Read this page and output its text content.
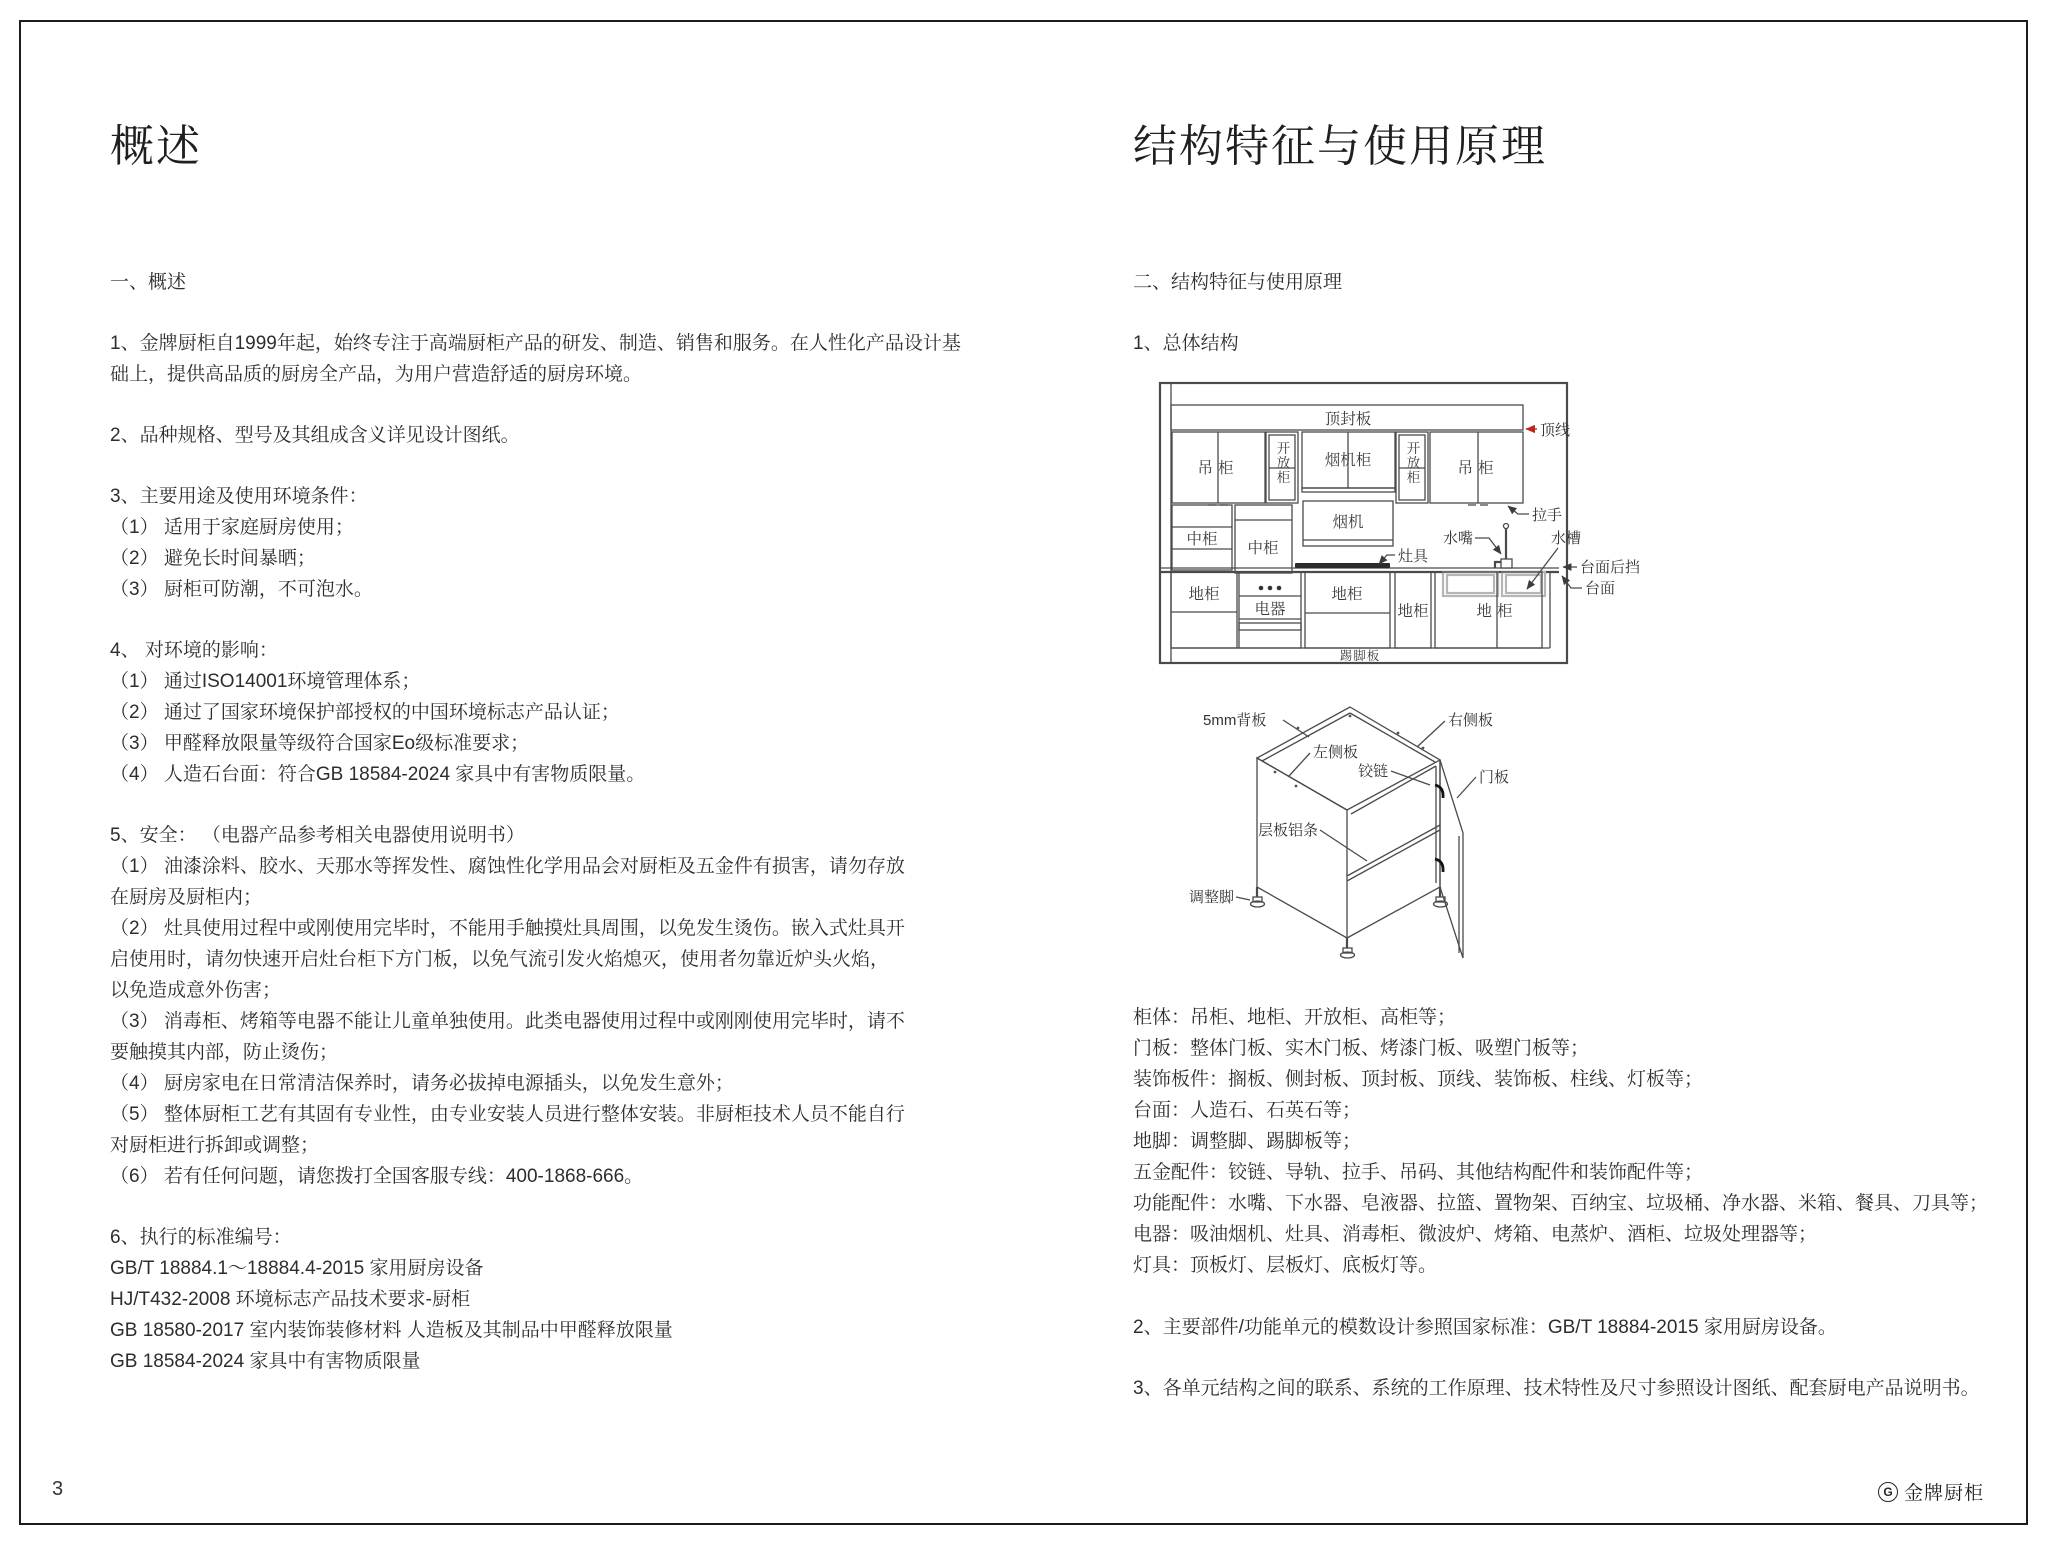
概述
一、概述
1、金牌厨柜自1999年起，始终专注于高端厨柜产品的研发、制造、销售和服务。在人性化产品设计基
础上，提供高品质的厨房全产品，为用户营造舒适的厨房环境。
2、品种规格、型号及其组成含义详见设计图纸。
3、主要用途及使用环境条件：
（1） 适用于家庭厨房使用；
（2） 避免长时间暴晒；
（3） 厨柜可防潮，不可泡水。
4、 对环境的影响：
（1） 通过ISO14001环境管理体系；
（2） 通过了国家环境保护部授权的中国环境标志产品认证；
（3） 甲醛释放限量等级符合国家Eo级标准要求；
（4） 人造石台面：符合GB 18584-2024 家具中有害物质限量。
5、安全： （电器产品参考相关电器使用说明书）
（1） 油漆涂料、胶水、天那水等挥发性、腐蚀性化学用品会对厨柜及五金件有损害，请勿存放
在厨房及厨柜内；
（2） 灶具使用过程中或刚使用完毕时，不能用手触摸灶具周围，以免发生烫伤。嵌入式灶具开
启使用时，请勿快速开启灶台柜下方门板，以免气流引发火焰熄灭，使用者勿靠近炉头火焰，
以免造成意外伤害；
（3） 消毒柜、烤箱等电器不能让儿童单独使用。此类电器使用过程中或刚刚使用完毕时，请不
要触摸其内部，防止烫伤；
（4） 厨房家电在日常清洁保养时，请务必拔掉电源插头，以免发生意外；
（5） 整体厨柜工艺有其固有专业性，由专业安装人员进行整体安装。非厨柜技术人员不能自行
对厨柜进行拆卸或调整；
（6） 若有任何问题，请您拨打全国客服专线：400-1868-666。
6、执行的标准编号：
GB/T 18884.1～18884.4-2015 家用厨房设备
HJ/T432-2008 环境标志产品技术要求-厨柜
GB 18580-2017 室内装饰装修材料 人造板及其制品中甲醛释放限量
GB 18584-2024 家具中有害物质限量
结构特征与使用原理
二、结构特征与使用原理
1、总体结构
顶封板
吊柜	开放柜 烟机柜 开放柜 吊柜
中柜
中柜
烟机
地柜
电器
地柜
地柜	地柜
踢脚板
顶线
拉手
灶具
水嘴	水槽
台面后挡
台面
5mm背板	右侧板
左侧板
铰链	门板
层板铝条
调整脚
柜体：吊柜、地柜、开放柜、高柜等；
门板：整体门板、实木门板、烤漆门板、吸塑门板等；
装饰板件：搁板、侧封板、顶封板、顶线、装饰板、柱线、灯板等；
台面：人造石、石英石等；
地脚：调整脚、踢脚板等；
五金配件：铰链、导轨、拉手、吊码、其他结构配件和装饰配件等；
功能配件：水嘴、下水器、皂液器、拉篮、置物架、百纳宝、垃圾桶、净水器、米箱、餐具、刀具等；
电器：吸油烟机、灶具、消毒柜、微波炉、烤箱、电蒸炉、酒柜、垃圾处理器等；
灯具：顶板灯、层板灯、底板灯等。
2、主要部件/功能单元的模数设计参照国家标准：GB/T 18884-2015 家用厨房设备。
3、各单元结构之间的联系、系统的工作原理、技术特性及尺寸参照设计图纸、配套厨电产品说明书。
3	G 金牌厨柜
